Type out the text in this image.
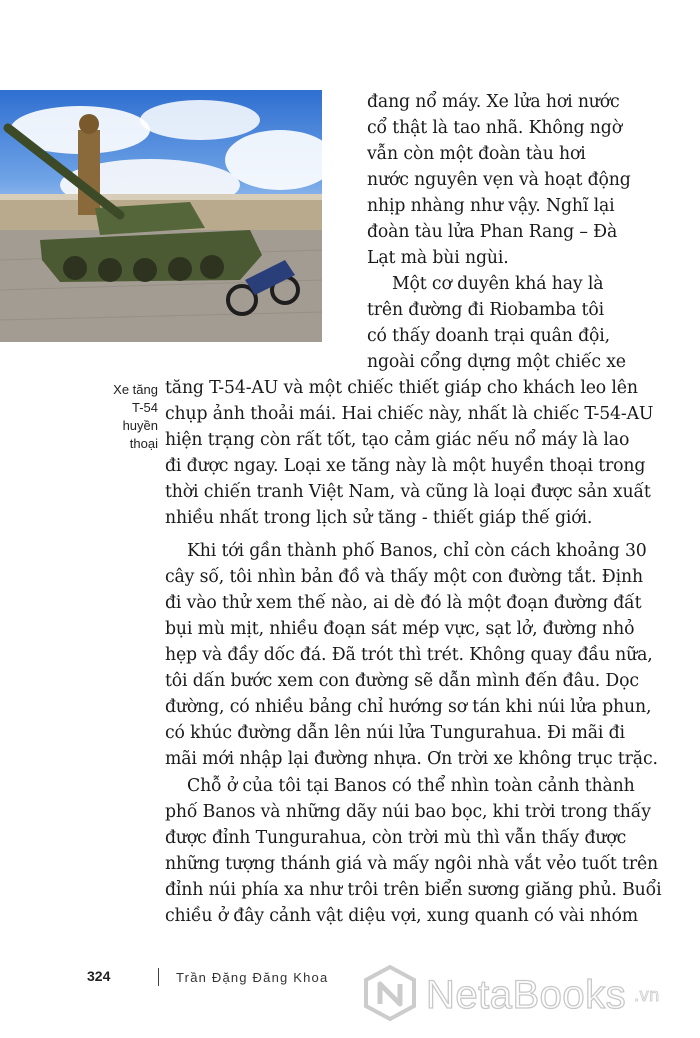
Xe tăng
T-54
huyền
thoại
đang nổ máy. Xe lửa hơi nước
cổ thật là tao nhã. Không ngờ
vẫn còn một đoàn tàu hơi
nước nguyên vẹn và hoạt động
nhịp nhàng như vậy. Nghĩ lại
đoàn tàu lửa Phan Rang – Đà
Lạt mà bùi ngùi.
Một cơ duyên khá hay là
trên đường đi Riobamba tôi
có thấy doanh trại quân đội,
ngoài cổng dựng một chiếc xe
tăng T-54-AU và một chiếc thiết giáp cho khách leo lên
chụp ảnh thoải mái. Hai chiếc này, nhất là chiếc T-54-AU
hiện trạng còn rất tốt, tạo cảm giác nếu nổ máy là lao
đi được ngay. Loại xe tăng này là một huyền thoại trong
thời chiến tranh Việt Nam, và cũng là loại được sản xuất
nhiều nhất trong lịch sử tăng - thiết giáp thế giới.
Khi tới gần thành phố Banos, chỉ còn cách khoảng 30
cây số, tôi nhìn bản đồ và thấy một con đường tắt. Định
đi vào thử xem thế nào, ai dè đó là một đoạn đường đất
bụi mù mịt, nhiều đoạn sát mép vực, sạt lở, đường nhỏ
hẹp và đầy dốc đá. Đã trót thì trét. Không quay đầu nữa,
tôi dấn bước xem con đường sẽ dẫn mình đến đâu. Dọc
đường, có nhiều bảng chỉ hướng sơ tán khi núi lửa phun,
có khúc đường dẫn lên núi lửa Tungurahua. Đi mãi đi
mãi mới nhập lại đường nhựa. Ơn trời xe không trục trặc.
Chỗ ở của tôi tại Banos có thể nhìn toàn cảnh thành
phố Banos và những dãy núi bao bọc, khi trời trong thấy
được đỉnh Tungurahua, còn trời mù thì vẫn thấy được
những tượng thánh giá và mấy ngôi nhà vắt vẻo tuốt trên
đỉnh núi phía xa như trôi trên biển sương giăng phủ. Buổi
chiều ở đây cảnh vật diệu vợi, xung quanh có vài nhóm
324	Trần Đặng Đăng Khoa NetaBooks .vn
